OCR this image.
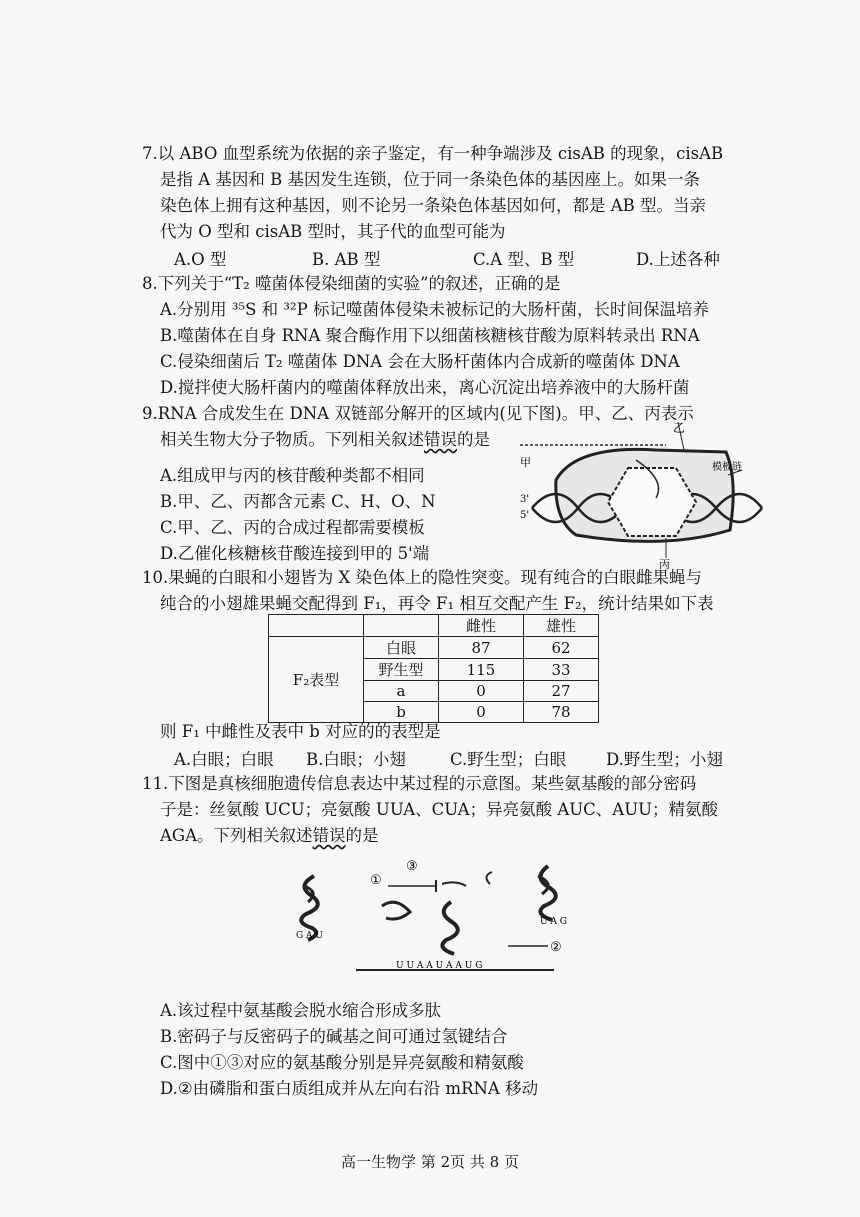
7.以 ABO 血型系统为依据的亲子鉴定，有一种争端涉及 cisAB 的现象，cisAB
是指 A 基因和 B 基因发生连锁，位于同一条染色体的基因座上。如果一条
染色体上拥有这种基因，则不论另一条染色体基因如何，都是 AB 型。当亲
代为 O 型和 cisAB 型时，其子代的血型可能为
A.O 型	B. AB 型	C.A 型、B 型	D.上述各种
8.下列关于“T₂ 噬菌体侵染细菌的实验”的叙述，正确的是
A.分别用 ³⁵S 和 ³²P 标记噬菌体侵染未被标记的大肠杆菌，长时间保温培养
B.噬菌体在自身 RNA 聚合酶作用下以细菌核糖核苷酸为原料转录出 RNA
C.侵染细菌后 T₂ 噬菌体 DNA 会在大肠杆菌体内合成新的噬菌体 DNA
D.搅拌使大肠杆菌内的噬菌体释放出来，离心沉淀出培养液中的大肠杆菌
9.RNA 合成发生在 DNA 双链部分解开的区域内(见下图)。甲、乙、丙表示
相关生物大分子物质。下列相关叙述错误的是
A.组成甲与丙的核苷酸种类都不相同
B.甲、乙、丙都含元素 C、H、O、N
C.甲、乙、丙的合成过程都需要模板
D.乙催化核糖核苷酸连接到甲的 5'端
甲
乙
丙
模板链
3'
5'
10.果蝇的白眼和小翅皆为 X 染色体上的隐性突变。现有纯合的白眼雌果蝇与
纯合的小翅雄果蝇交配得到 F₁，再令 F₁ 相互交配产生 F₂，统计结果如下表
		雌性	雄性
F₂表型	白眼	87	62
	野生型	115	33
	a	0	27
	b	0	78
则 F₁ 中雌性及表中 b 对应的的表型是
A.白眼；白眼 B.白眼；小翅	C.野生型；白眼 D.野生型；小翅
11.下图是真核细胞遗传信息表达中某过程的示意图。某些氨基酸的部分密码
子是：丝氨酸 UCU；亮氨酸 UUA、CUA；异亮氨酸 AUC、AUU；精氨酸
AGA。下列相关叙述错误的是
①
③
②
G A U
U A G
U U A A U A A U G
A.该过程中氨基酸会脱水缩合形成多肽
B.密码子与反密码子的碱基之间可通过氢键结合
C.图中①③对应的氨基酸分别是异亮氨酸和精氨酸
D.②由磷脂和蛋白质组成并从左向右沿 mRNA 移动
高一生物学 第 2页 共 8 页
